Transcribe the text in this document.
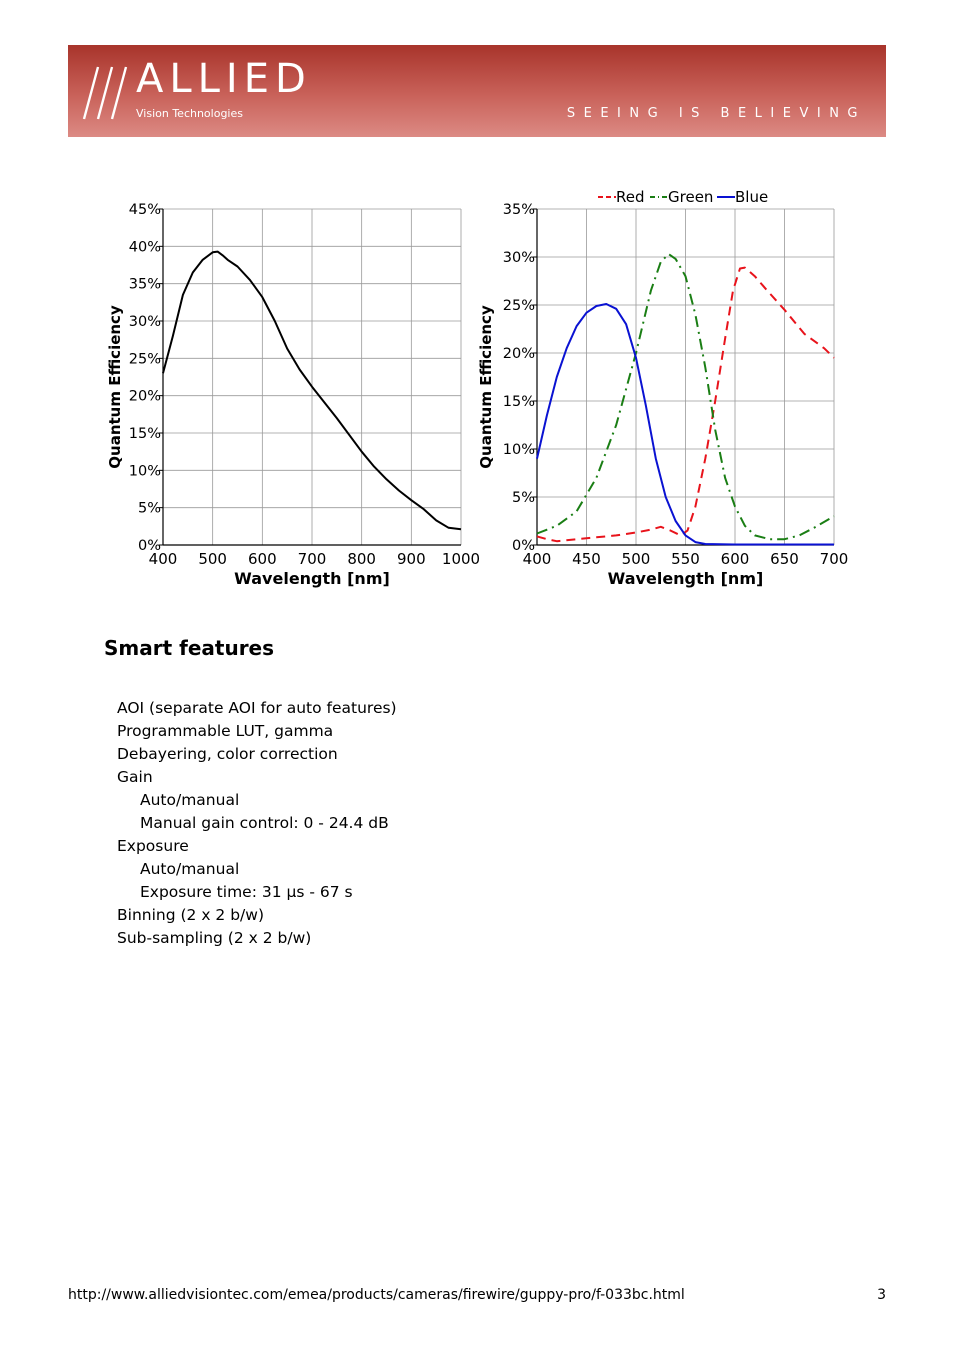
ALLIED
Vision Technologies	SEEING IS BELIEVING
400 500 600 700 800 900 1000
0%
5%
10%
15%
20%
25%
30%
35%
40%
45%
Wavelength [nm]
Quantum Efficiency
400 450 500 550 600 650 700
0%
5%
10%
15%
20%
25%
30%
35%
Wavelength [nm]
Quantum Efficiency
Red Green Blue
Smart features
AOI (separate AOI for auto features)
Programmable LUT, gamma
Debayering, color correction
Gain
Auto/manual
Manual gain control: 0 - 24.4 dB
Exposure
Auto/manual
Exposure time: 31 µs - 67 s
Binning (2 x 2 b/w)
Sub-sampling (2 x 2 b/w)
http://www.alliedvisiontec.com/emea/products/cameras/firewire/guppy-pro/f-033bc.html	3
